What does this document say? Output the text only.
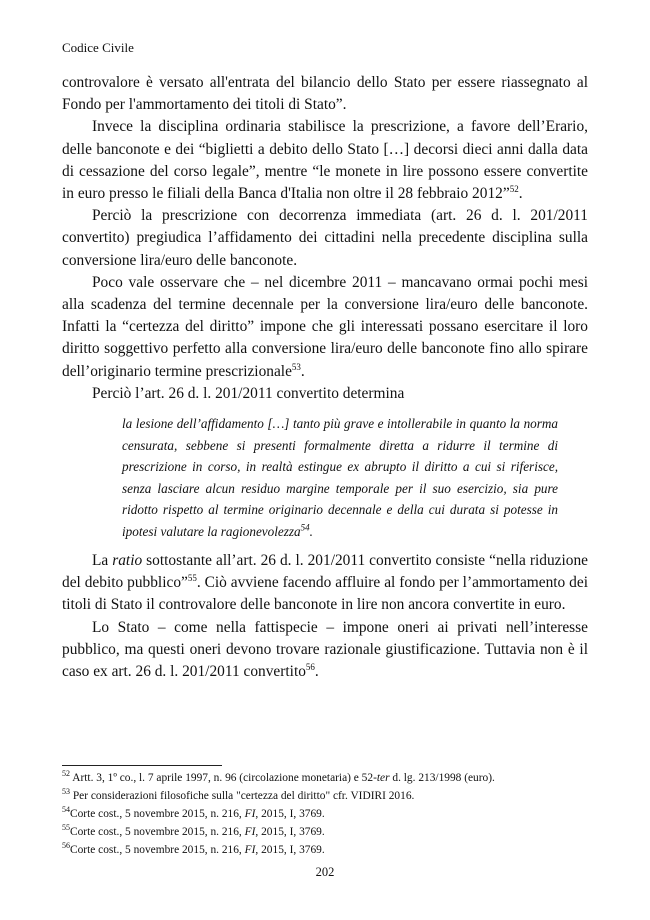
Codice Civile

controvalore è versato all'entrata del bilancio dello Stato per essere riassegnato al Fondo per l'ammortamento dei titoli di Stato”.

Invece la disciplina ordinaria stabilisce la prescrizione, a favore dell’Erario, delle banconote e dei “biglietti a debito dello Stato […] decorsi dieci anni dalla data di cessazione del corso legale”, mentre “le monete in lire possono essere convertite in euro presso le filiali della Banca d'Italia non oltre il 28 febbraio 2012”$^{52}$.

Perciò la prescrizione con decorrenza immediata (art. 26 d. l. 201/2011 convertito) pregiudica l’affidamento dei cittadini nella precedente disciplina sulla conversione lira/euro delle banconote.

Poco vale osservare che – nel dicembre 2011 – mancavano ormai pochi mesi alla scadenza del termine decennale per la conversione lira/euro delle banconote. Infatti la “certezza del diritto” impone che gli interessati possano esercitare il loro diritto soggettivo perfetto alla conversione lira/euro delle banconote fino allo spirare dell’originario termine prescrizionale$^{53}$.

Perciò l’art. 26 d. l. 201/2011 convertito determina

la lesione dell’affidamento […] tanto più grave e intollerabile in quanto la norma censurata, sebbene si presenti formalmente diretta a ridurre il termine di prescrizione in corso, in realtà estingue ex abrupto il diritto a cui si riferisce, senza lasciare alcun residuo margine temporale per il suo esercizio, sia pure ridotto rispetto al termine originario decennale e della cui durata si potesse in ipotesi valutare la ragionevolezza$^{54}$.

La ratio sottostante all’art. 26 d. l. 201/2011 convertito consiste “nella riduzione del debito pubblico”$^{55}$. Ciò avviene facendo affluire al fondo per l’ammortamento dei titoli di Stato il controvalore delle banconote in lire non ancora convertite in euro.

Lo Stato – come nella fattispecie – impone oneri ai privati nell’interesse pubblico, ma questi oneri devono trovare razionale giustificazione. Tuttavia non è il caso ex art. 26 d. l. 201/2011 convertito$^{56}$.

$^{52}$ Artt. 3, 1º co., l. 7 aprile 1997, n. 96 (circolazione monetaria) e 52-ter d. lg. 213/1998 (euro).

$^{53}$ Per considerazioni filosofiche sulla "certezza del diritto" cfr. VIDIRI 2016.

$^{54}$Corte cost., 5 novembre 2015, n. 216, FI, 2015, I, 3769.

$^{55}$Corte cost., 5 novembre 2015, n. 216, FI, 2015, I, 3769.

$^{56}$Corte cost., 5 novembre 2015, n. 216, FI, 2015, I, 3769.

202
